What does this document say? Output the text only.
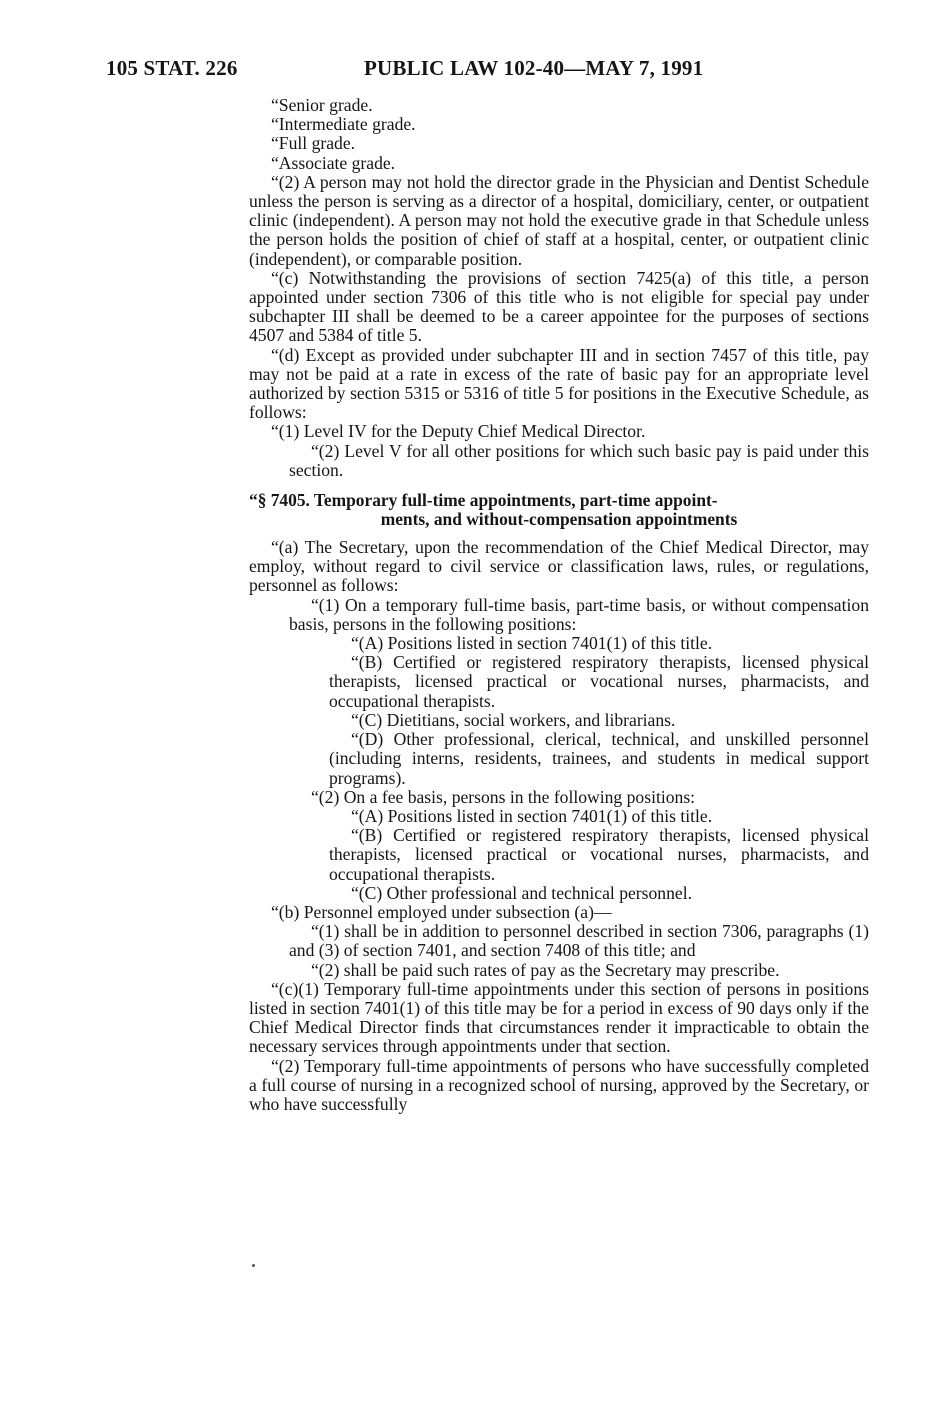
105 STAT. 226	PUBLIC LAW 102-40—MAY 7, 1991

“Senior grade.

“Intermediate grade.

“Full grade.

“Associate grade.

“(2) A person may not hold the director grade in the Physician and Dentist Schedule unless the person is serving as a director of a hospital, domiciliary, center, or outpatient clinic (independent). A person may not hold the executive grade in that Schedule unless the person holds the position of chief of staff at a hospital, center, or outpatient clinic (independent), or comparable position.

“(c) Notwithstanding the provisions of section 7425(a) of this title, a person appointed under section 7306 of this title who is not eligible for special pay under subchapter III shall be deemed to be a career appointee for the purposes of sections 4507 and 5384 of title 5.

“(d) Except as provided under subchapter III and in section 7457 of this title, pay may not be paid at a rate in excess of the rate of basic pay for an appropriate level authorized by section 5315 or 5316 of title 5 for positions in the Executive Schedule, as follows:

“(1) Level IV for the Deputy Chief Medical Director.

“(2) Level V for all other positions for which such basic pay is paid under this section.

“§ 7405. Temporary full-time appointments, part-time appoint-
ments, and without-compensation appointments

“(a) The Secretary, upon the recommendation of the Chief Medical Director, may employ, without regard to civil service or classification laws, rules, or regulations, personnel as follows:

“(1) On a temporary full-time basis, part-time basis, or without compensation basis, persons in the following positions:

“(A) Positions listed in section 7401(1) of this title.

“(B) Certified or registered respiratory therapists, licensed physical therapists, licensed practical or vocational nurses, pharmacists, and occupational therapists.

“(C) Dietitians, social workers, and librarians.

“(D) Other professional, clerical, technical, and unskilled personnel (including interns, residents, trainees, and students in medical support programs).

“(2) On a fee basis, persons in the following positions:

“(A) Positions listed in section 7401(1) of this title.

“(B) Certified or registered respiratory therapists, licensed physical therapists, licensed practical or vocational nurses, pharmacists, and occupational therapists.

“(C) Other professional and technical personnel.

“(b) Personnel employed under subsection (a)—

“(1) shall be in addition to personnel described in section 7306, paragraphs (1) and (3) of section 7401, and section 7408 of this title; and

“(2) shall be paid such rates of pay as the Secretary may prescribe.

“(c)(1) Temporary full-time appointments under this section of persons in positions listed in section 7401(1) of this title may be for a period in excess of 90 days only if the Chief Medical Director finds that circumstances render it impracticable to obtain the necessary services through appointments under that section.

“(2) Temporary full-time appointments of persons who have successfully completed a full course of nursing in a recognized school of nursing, approved by the Secretary, or who have successfully
